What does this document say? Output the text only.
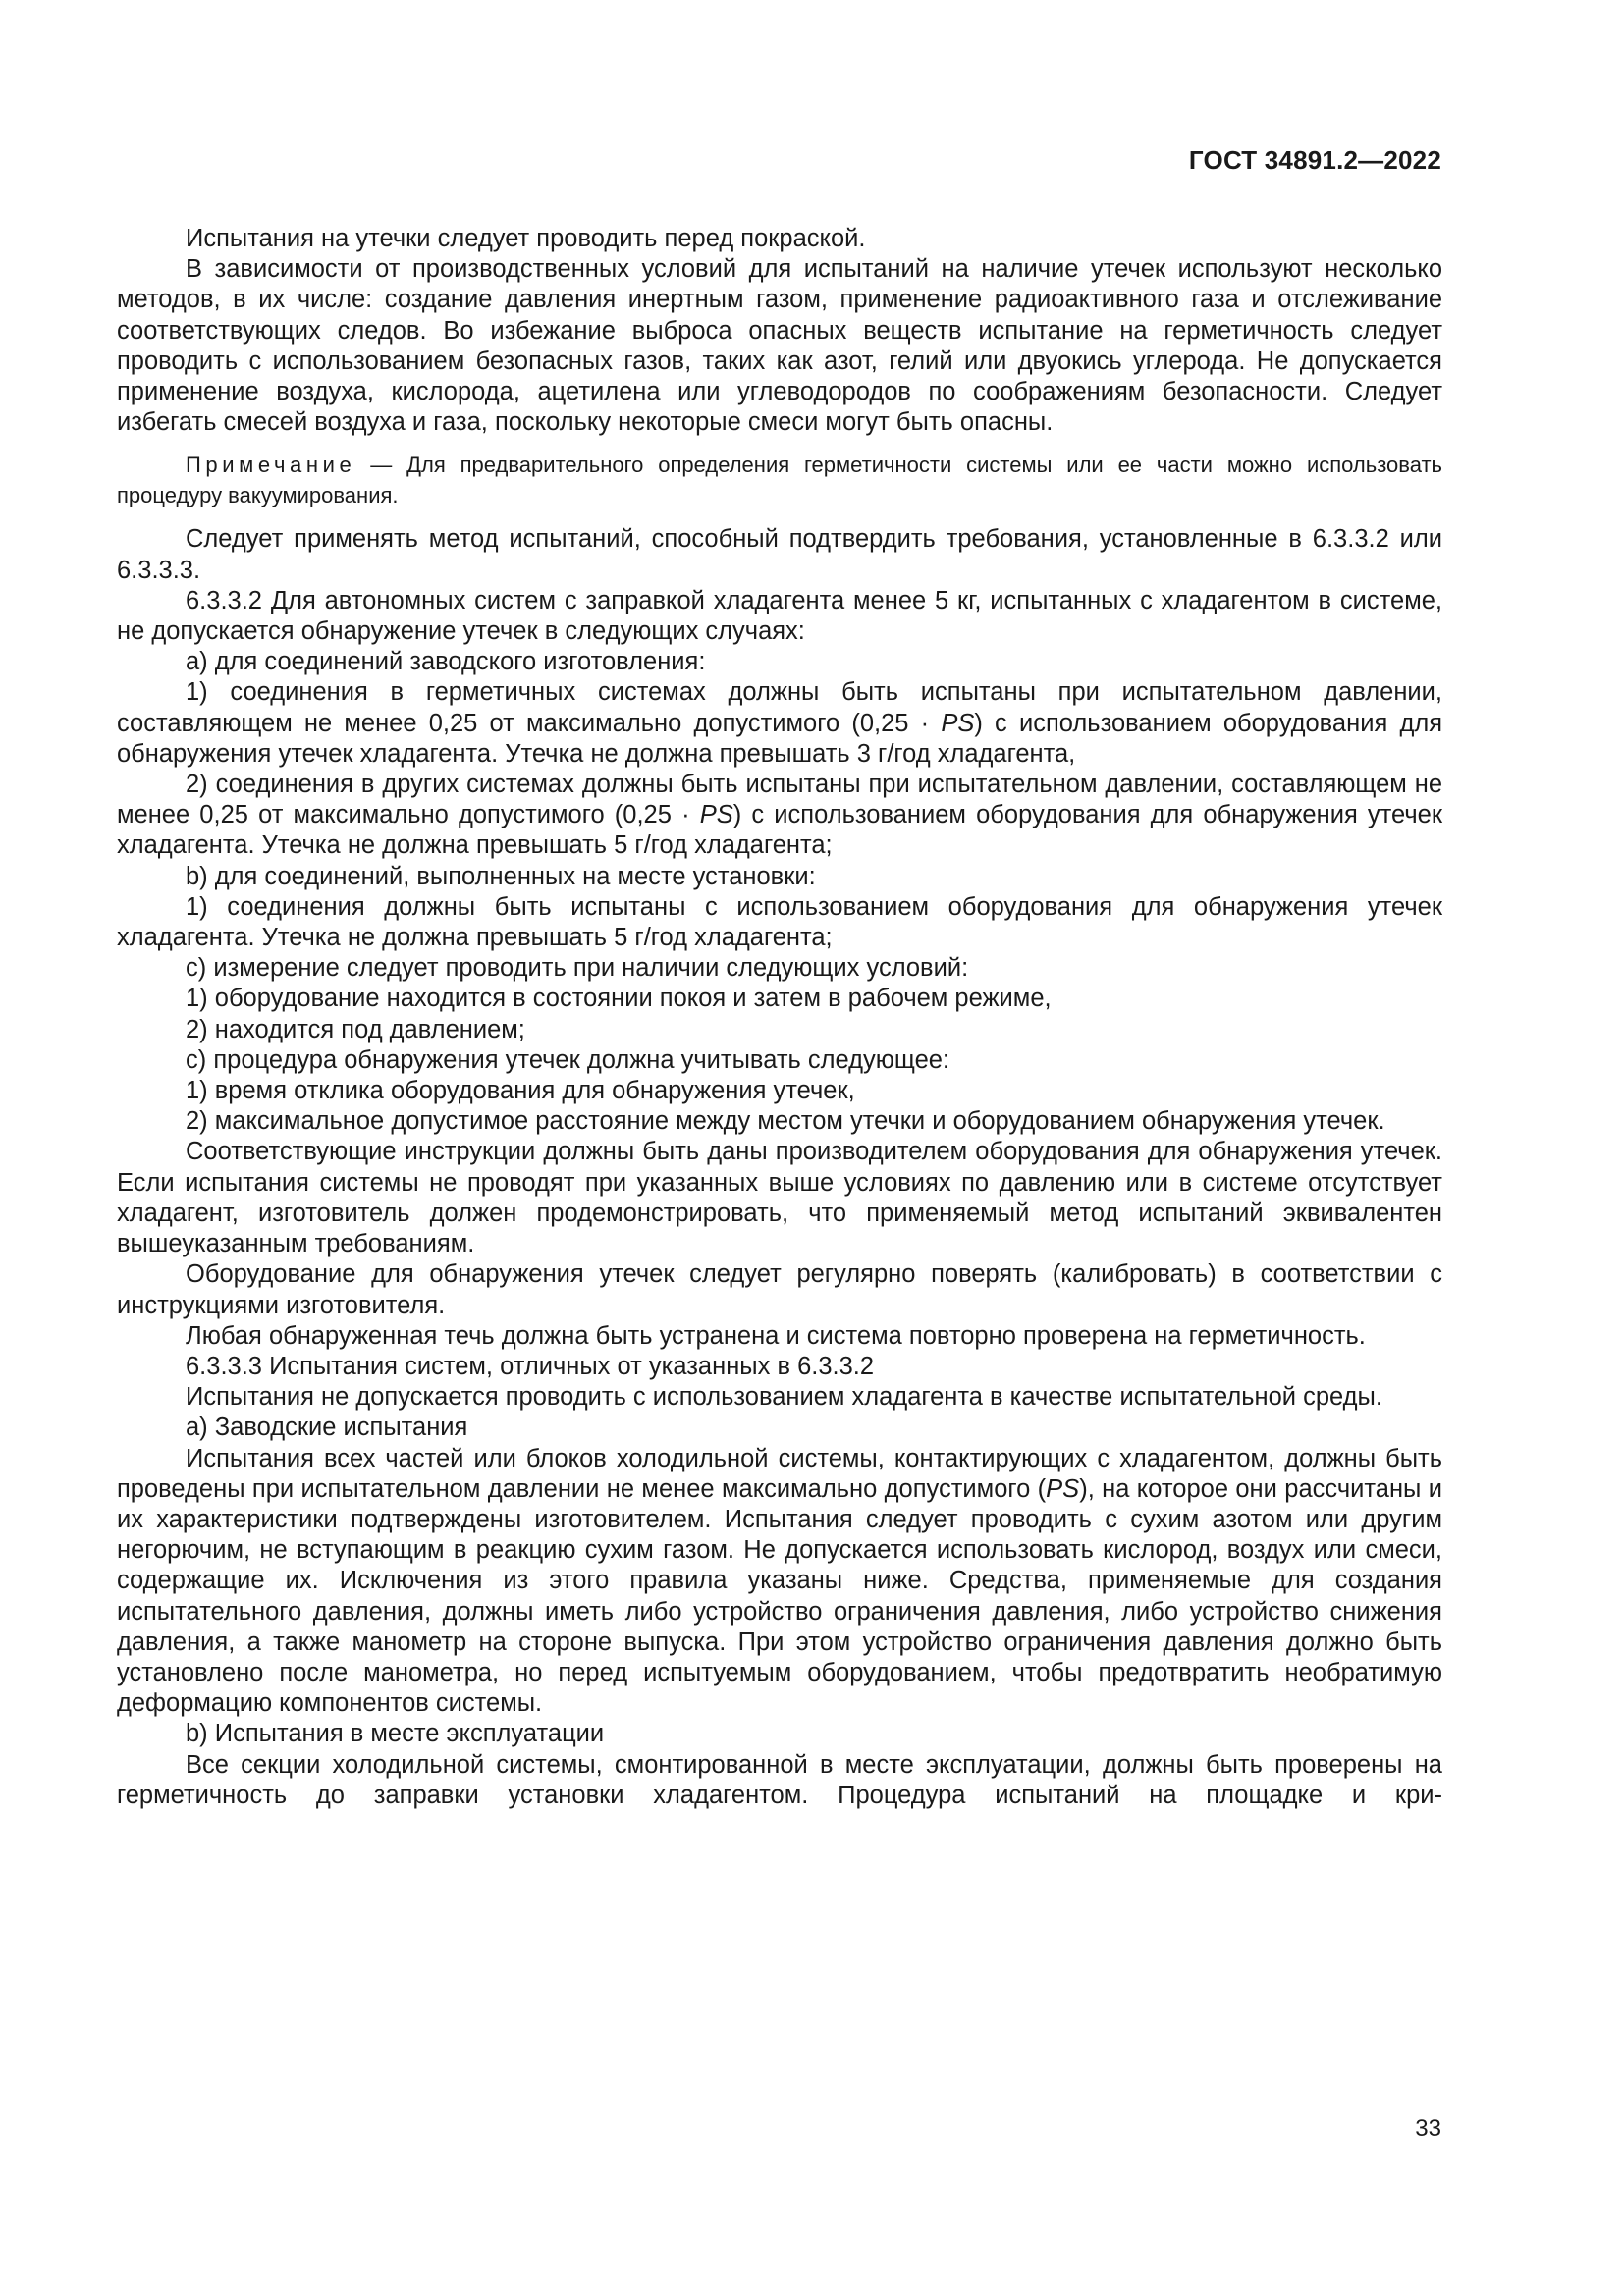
ГОСТ 34891.2—2022

Испытания на утечки следует проводить перед покраской.

В зависимости от производственных условий для испытаний на наличие утечек используют несколько методов, в их числе: создание давления инертным газом, применение радиоактивного газа и отслеживание соответствующих следов. Во избежание выброса опасных веществ испытание на герметичность следует проводить с использованием безопасных газов, таких как азот, гелий или двуокись углерода. Не допускается применение воздуха, кислорода, ацетилена или углеводородов по соображениям безопасности. Следует избегать смесей воздуха и газа, поскольку некоторые смеси могут быть опасны.

Примечание — Для предварительного определения герметичности системы или ее части можно использовать процедуру вакуумирования.

Следует применять метод испытаний, способный подтвердить требования, установленные в 6.3.3.2 или 6.3.3.3.

6.3.3.2 Для автономных систем с заправкой хладагента менее 5 кг, испытанных с хладагентом в системе, не допускается обнаружение утечек в следующих случаях:

a) для соединений заводского изготовления:

1) соединения в герметичных системах должны быть испытаны при испытательном давлении, составляющем не менее 0,25 от максимально допустимого (0,25 · PS) с использованием оборудования для обнаружения утечек хладагента. Утечка не должна превышать 3 г/год хладагента,

2) соединения в других системах должны быть испытаны при испытательном давлении, составляющем не менее 0,25 от максимально допустимого (0,25 · PS) с использованием оборудования для обнаружения утечек хладагента. Утечка не должна превышать 5 г/год хладагента;

b) для соединений, выполненных на месте установки:

1) соединения должны быть испытаны с использованием оборудования для обнаружения утечек хладагента. Утечка не должна превышать 5 г/год хладагента;

c) измерение следует проводить при наличии следующих условий:

1) оборудование находится в состоянии покоя и затем в рабочем режиме,

2) находится под давлением;

c) процедура обнаружения утечек должна учитывать следующее:

1) время отклика оборудования для обнаружения утечек,

2) максимальное допустимое расстояние между местом утечки и оборудованием обнаружения утечек.

Соответствующие инструкции должны быть даны производителем оборудования для обнаружения утечек. Если испытания системы не проводят при указанных выше условиях по давлению или в системе отсутствует хладагент, изготовитель должен продемонстрировать, что применяемый метод испытаний эквивалентен вышеуказанным требованиям.

Оборудование для обнаружения утечек следует регулярно поверять (калибровать) в соответствии с инструкциями изготовителя.

Любая обнаруженная течь должна быть устранена и система повторно проверена на герметичность.

6.3.3.3 Испытания систем, отличных от указанных в 6.3.3.2

Испытания не допускается проводить с использованием хладагента в качестве испытательной среды.

a) Заводские испытания

Испытания всех частей или блоков холодильной системы, контактирующих с хладагентом, должны быть проведены при испытательном давлении не менее максимально допустимого (PS), на которое они рассчитаны и их характеристики подтверждены изготовителем. Испытания следует проводить с сухим азотом или другим негорючим, не вступающим в реакцию сухим газом. Не допускается использовать кислород, воздух или смеси, содержащие их. Исключения из этого правила указаны ниже. Средства, применяемые для создания испытательного давления, должны иметь либо устройство ограничения давления, либо устройство снижения давления, а также манометр на стороне выпуска. При этом устройство ограничения давления должно быть установлено после манометра, но перед испытуемым оборудованием, чтобы предотвратить необратимую деформацию компонентов системы.

b) Испытания в месте эксплуатации

Все секции холодильной системы, смонтированной в месте эксплуатации, должны быть проверены на герметичность до заправки установки хладагентом. Процедура испытаний на площадке и кри-

33
